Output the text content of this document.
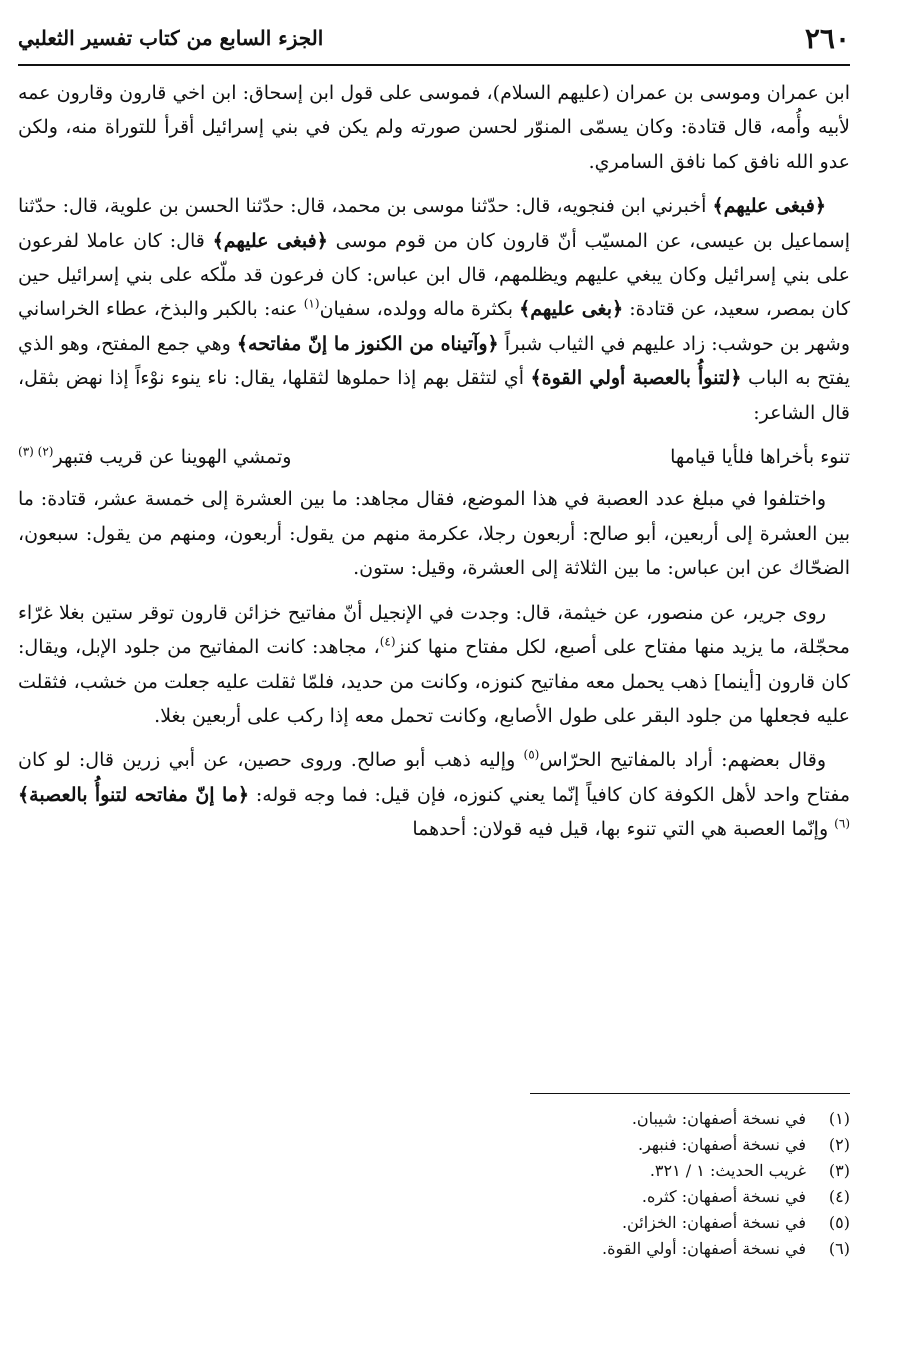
٢٦٠
الجزء السابع من كتاب تفسير الثعلبي

ابن عمران وموسى بن عمران (عليهم السلام)، فموسى على قول ابن إسحاق: ابن اخي قارون وقارون عمه لأبيه وأُمه، قال قتادة: وكان يسمّى المنوّر لحسن صورته ولم يكن في بني إسرائيل أقرأ للتوراة منه، ولكن عدو الله نافق كما نافق السامري.

﴿فبغى عليهم﴾ أخبرني ابن فنجويه، قال: حدّثنا موسى بن محمد، قال: حدّثنا الحسن بن علوية، قال: حدّثنا إسماعيل بن عيسى، عن المسيّب أنّ قارون كان من قوم موسى ﴿فبغى عليهم﴾ قال: كان عاملا لفرعون على بني إسرائيل وكان يبغي عليهم ويظلمهم، قال ابن عباس: كان فرعون قد ملّكه على بني إسرائيل حين كان بمصر، سعيد، عن قتادة: ﴿بغى عليهم﴾ بكثرة ماله وولده، سفيان$^{(١)}$ عنه: بالكبر والبذخ، عطاء الخراساني وشهر بن حوشب: زاد عليهم في الثياب شبراً ﴿وآتيناه من الكنوز ما إنّ مفاتحه﴾ وهي جمع المفتح، وهو الذي يفتح به الباب ﴿لتنوأُ بالعصبة أولي القوة﴾ أي لتثقل بهم إذا حملوها لثقلها، يقال: ناء ينوء نوْءاً إذا نهض بثقل، قال الشاعر:

تنوء بأخراها فلأيا قيامها
وتمشي الهوينا عن قريب فتبهر$^{(٢) (٣)}$

واختلفوا في مبلغ عدد العصبة في هذا الموضع، فقال مجاهد: ما بين العشرة إلى خمسة عشر، قتادة: ما بين العشرة إلى أربعين، أبو صالح: أربعون رجلا، عكرمة منهم من يقول: أربعون، ومنهم من يقول: سبعون، الضحّاك عن ابن عباس: ما بين الثلاثة إلى العشرة، وقيل: ستون.

روى جرير، عن منصور، عن خيثمة، قال: وجدت في الإنجيل أنّ مفاتيح خزائن قارون توقر ستين بغلا غرّاء محجّلة، ما يزيد منها مفتاح على أصبع، لكل مفتاح منها كنز$^{(٤)}$، مجاهد: كانت المفاتيح من جلود الإبل، ويقال: كان قارون [أينما] ذهب يحمل معه مفاتيح كنوزه، وكانت من حديد، فلمّا ثقلت عليه جعلت من خشب، فثقلت عليه فجعلها من جلود البقر على طول الأصابع، وكانت تحمل معه إذا ركب على أربعين بغلا.

وقال بعضهم: أراد بالمفاتيح الحرّاس$^{(٥)}$ وإليه ذهب أبو صالح. وروى حصين، عن أبي زرين قال: لو كان مفتاح واحد لأهل الكوفة كان كافياً إنّما يعني كنوزه، فإن قيل: فما وجه قوله: ﴿ما إنّ مفاتحه لتنوأُ بالعصبة﴾$^{(٦)}$ وإنّما العصبة هي التي تنوء بها، قيل فيه قولان: أحدهما

(١)في نسخة أصفهان: شيبان.
(٢)في نسخة أصفهان: فنبهر.
(٣)غريب الحديث: ١ / ٣٢١.
(٤)في نسخة أصفهان: كثره.
(٥)في نسخة أصفهان: الخزائن.
(٦)في نسخة أصفهان: أولي القوة.
